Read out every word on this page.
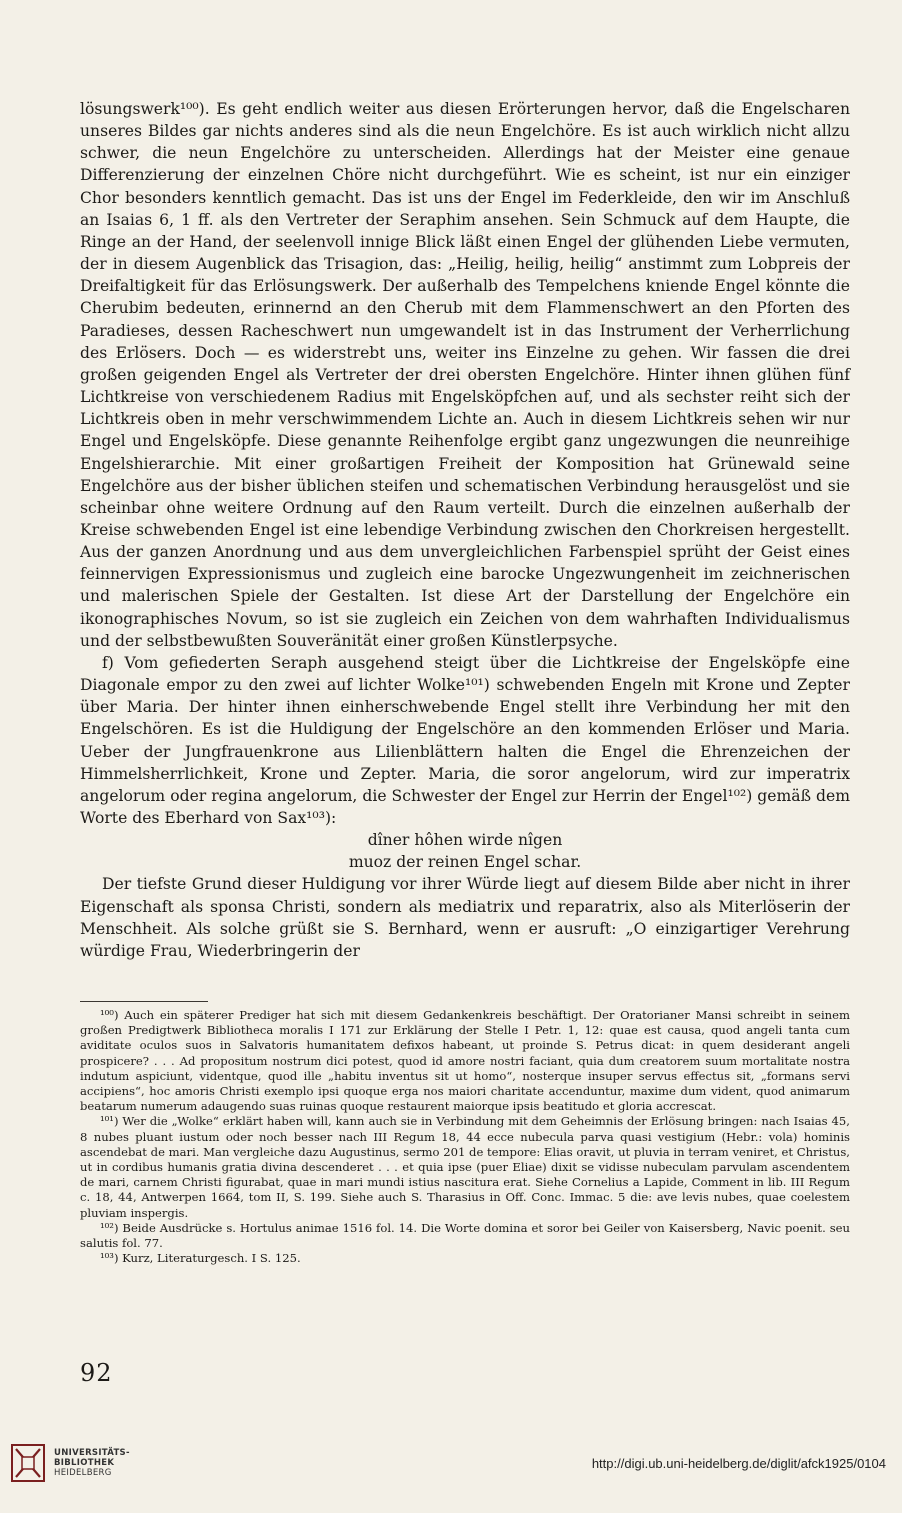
lösungswerk¹⁰⁰). Es geht endlich weiter aus diesen Erörterungen hervor, daß die Engelscharen unseres Bildes gar nichts anderes sind als die neun Engelchöre. Es ist auch wirklich nicht allzu schwer, die neun Engelchöre zu unterscheiden. Allerdings hat der Meister eine genaue Differenzierung der einzelnen Chöre nicht durchgeführt. Wie es scheint, ist nur ein einziger Chor besonders kenntlich gemacht. Das ist uns der Engel im Federkleide, den wir im Anschluß an Isaias 6, 1 ff. als den Vertreter der Seraphim ansehen. Sein Schmuck auf dem Haupte, die Ringe an der Hand, der seelenvoll innige Blick läßt einen Engel der glühenden Liebe vermuten, der in diesem Augenblick das Trisagion, das: „Heilig, heilig, heilig“ anstimmt zum Lobpreis der Dreifaltigkeit für das Erlösungswerk. Der außerhalb des Tempelchens kniende Engel könnte die Cherubim bedeuten, erinnernd an den Cherub mit dem Flammenschwert an den Pforten des Paradieses, dessen Racheschwert nun umgewandelt ist in das Instrument der Verherrlichung des Erlösers. Doch — es widerstrebt uns, weiter ins Einzelne zu gehen. Wir fassen die drei großen geigenden Engel als Vertreter der drei obersten Engelchöre. Hinter ihnen glühen fünf Lichtkreise von verschiedenem Radius mit Engelsköpfchen auf, und als sechster reiht sich der Lichtkreis oben in mehr verschwimmendem Lichte an. Auch in diesem Lichtkreis sehen wir nur Engel und Engelsköpfe. Diese genannte Reihenfolge ergibt ganz ungezwungen die neunreihige Engelshierarchie. Mit einer großartigen Freiheit der Komposition hat Grünewald seine Engelchöre aus der bisher üblichen steifen und schematischen Verbindung herausgelöst und sie scheinbar ohne weitere Ordnung auf den Raum verteilt. Durch die einzelnen außerhalb der Kreise schwebenden Engel ist eine lebendige Verbindung zwischen den Chorkreisen hergestellt. Aus der ganzen Anordnung und aus dem unvergleichlichen Farbenspiel sprüht der Geist eines feinnervigen Expressionismus und zugleich eine barocke Ungezwungenheit im zeichnerischen und malerischen Spiele der Gestalten. Ist diese Art der Darstellung der Engelchöre ein ikonographisches Novum, so ist sie zugleich ein Zeichen von dem wahrhaften Individualismus und der selbstbewußten Souveränität einer großen Künstlerpsyche.

f) Vom gefiederten Seraph ausgehend steigt über die Lichtkreise der Engelsköpfe eine Diagonale empor zu den zwei auf lichter Wolke¹⁰¹) schwebenden Engeln mit Krone und Zepter über Maria. Der hinter ihnen einherschwebende Engel stellt ihre Verbindung her mit den Engelschören. Es ist die Huldigung der Engelschöre an den kommenden Erlöser und Maria. Ueber der Jungfrauenkrone aus Lilienblättern halten die Engel die Ehrenzeichen der Himmelsherrlichkeit, Krone und Zepter. Maria, die soror angelorum, wird zur imperatrix angelorum oder regina angelorum, die Schwester der Engel zur Herrin der Engel¹⁰²) gemäß dem Worte des Eberhard von Sax¹⁰³):

dîner hôhen wirde nîgen

muoz der reinen Engel schar.

Der tiefste Grund dieser Huldigung vor ihrer Würde liegt auf diesem Bilde aber nicht in ihrer Eigenschaft als sponsa Christi, sondern als mediatrix und reparatrix, also als Miterlöserin der Menschheit. Als solche grüßt sie S. Bernhard, wenn er ausruft: „O einzigartiger Verehrung würdige Frau, Wiederbringerin der

¹⁰⁰) Auch ein späterer Prediger hat sich mit diesem Gedankenkreis beschäftigt. Der Oratorianer Mansi schreibt in seinem großen Predigtwerk Bibliotheca moralis I 171 zur Erklärung der Stelle I Petr. 1, 12: quae est causa, quod angeli tanta cum aviditate oculos suos in Salvatoris humanitatem defixos habeant, ut proinde S. Petrus dicat: in quem desiderant angeli prospicere? . . . Ad propositum nostrum dici potest, quod id amore nostri faciant, quia dum creatorem suum mortalitate nostra indutum aspiciunt, videntque, quod ille „habitu inventus sit ut homo“, nosterque insuper servus effectus sit, „formans servi accipiens“, hoc amoris Christi exemplo ipsi quoque erga nos maiori charitate accenduntur, maxime dum vident, quod animarum beatarum numerum adaugendo suas ruinas quoque restaurent maiorque ipsis beatitudo et gloria accrescat.

¹⁰¹) Wer die „Wolke“ erklärt haben will, kann auch sie in Verbindung mit dem Geheimnis der Erlösung bringen: nach Isaias 45, 8 nubes pluant iustum oder noch besser nach III Regum 18, 44 ecce nubecula parva quasi vestigium (Hebr.: vola) hominis ascendebat de mari. Man vergleiche dazu Augustinus, sermo 201 de tempore: Elias oravit, ut pluvia in terram veniret, et Christus, ut in cordibus humanis gratia divina descenderet . . . et quia ipse (puer Eliae) dixit se vidisse nubeculam parvulam ascendentem de mari, carnem Christi figurabat, quae in mari mundi istius nascitura erat. Siehe Cornelius a Lapide, Comment in lib. III Regum c. 18, 44, Antwerpen 1664, tom II, S. 199. Siehe auch S. Tharasius in Off. Conc. Immac. 5 die: ave levis nubes, quae coelestem pluviam inspergis.

¹⁰²) Beide Ausdrücke s. Hortulus animae 1516 fol. 14. Die Worte domina et soror bei Geiler von Kaisersberg, Navic poenit. seu salutis fol. 77.

¹⁰³) Kurz, Literaturgesch. I S. 125.

92
UNIVERSITÄTS-
BIBLIOTHEK
HEIDELBERG
http://digi.ub.uni-heidelberg.de/diglit/afck1925/0104
